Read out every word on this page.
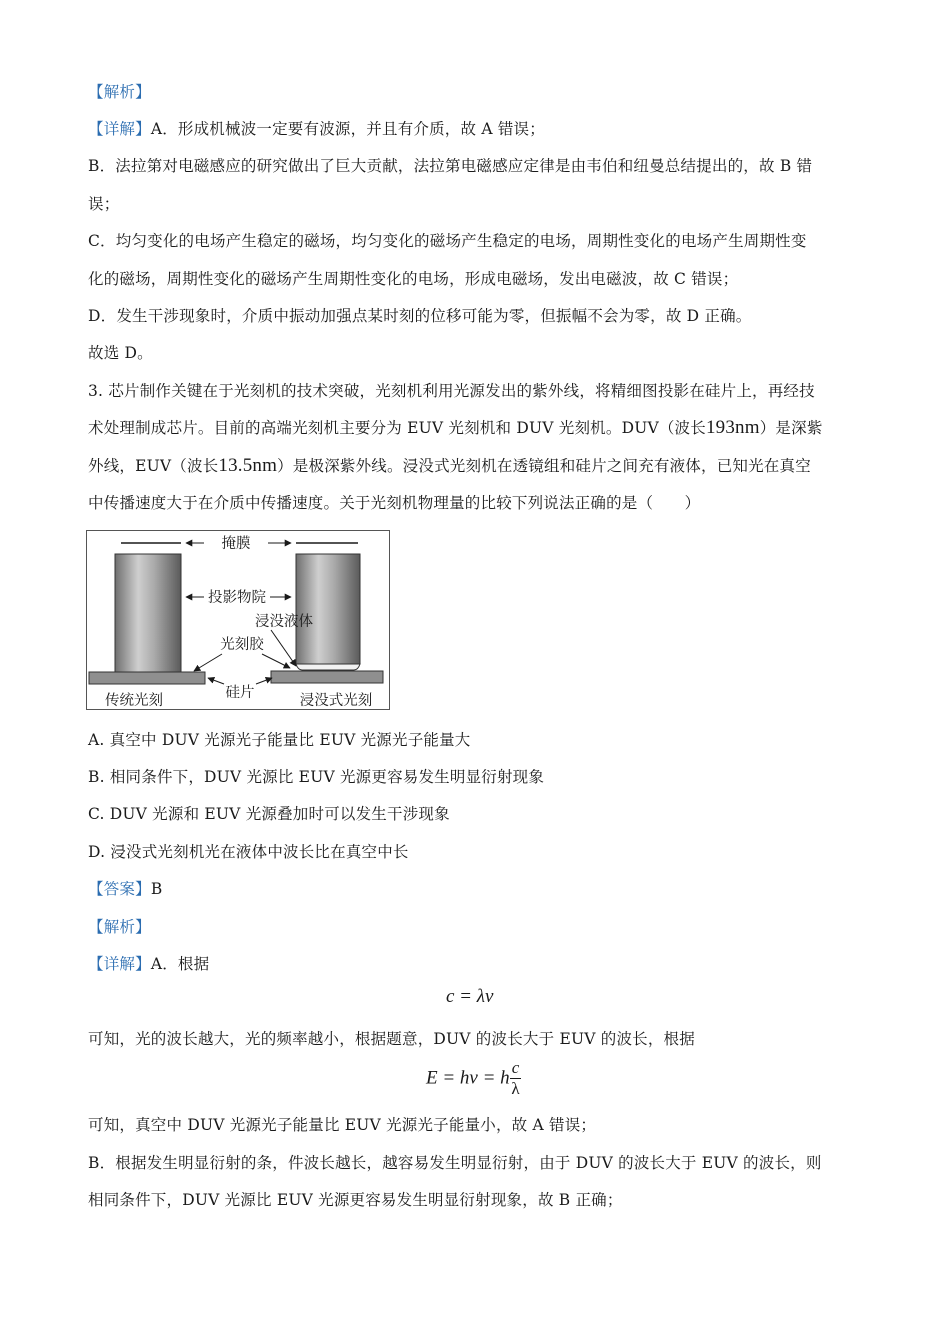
【解析】
【详解】A．形成机械波一定要有波源，并且有介质，故 A 错误；
B．法拉第对电磁感应的研究做出了巨大贡献，法拉第电磁感应定律是由韦伯和纽曼总结提出的，故 B 错
误；
C．均匀变化的电场产生稳定的磁场，均匀变化的磁场产生稳定的电场，周期性变化的电场产生周期性变
化的磁场，周期性变化的磁场产生周期性变化的电场，形成电磁场，发出电磁波，故 C 错误；
D．发生干涉现象时，介质中振动加强点某时刻的位移可能为零，但振幅不会为零，故 D 正确。
故选 D。
3. 芯片制作关键在于光刻机的技术突破，光刻机利用光源发出的紫外线，将精细图投影在硅片上，再经技
术处理制成芯片。目前的高端光刻机主要分为 EUV 光刻机和 DUV 光刻机。DUV（波长193nm）是深紫
外线，EUV（波长13.5nm）是极深紫外线。浸没式光刻机在透镜组和硅片之间充有液体，已知光在真空
中传播速度大于在介质中传播速度。关于光刻机物理量的比较下列说法正确的是（　　）
掩膜
投影物院
浸没液体
光刻胶
硅片
传统光刻	浸没式光刻
A. 真空中 DUV 光源光子能量比 EUV 光源光子能量大
B. 相同条件下，DUV 光源比 EUV 光源更容易发生明显衍射现象
C. DUV 光源和 EUV 光源叠加时可以发生干涉现象
D. 浸没式光刻机光在液体中波长比在真空中长
【答案】B
【解析】
【详解】A．根据
c = λν
可知，光的波长越大，光的频率越小，根据题意，DUV 的波长大于 EUV 的波长，根据
E = hν = h $\frac{c}{\lambda}$
可知，真空中 DUV 光源光子能量比 EUV 光源光子能量小，故 A 错误；
B．根据发生明显衍射的条，件波长越长，越容易发生明显衍射，由于 DUV 的波长大于 EUV 的波长，则
相同条件下，DUV 光源比 EUV 光源更容易发生明显衍射现象，故 B 正确；
